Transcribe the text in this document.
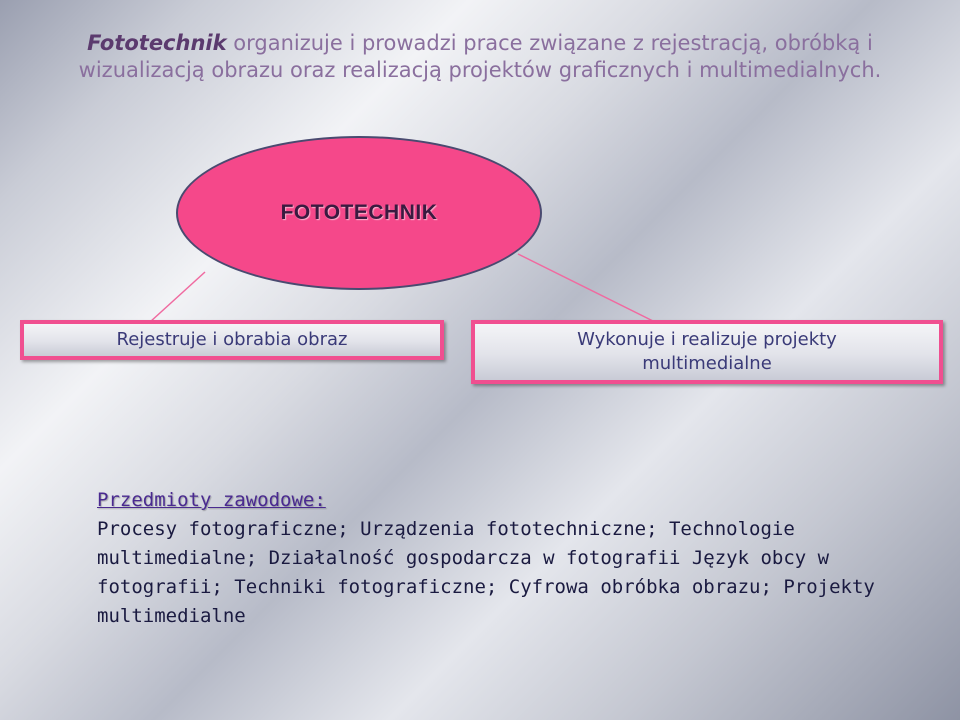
Fototechnik organizuje i prowadzi prace związane z rejestracją, obróbką i wizualizacją obrazu oraz realizacją projektów graficznych i multimedialnych.
FOTOTECHNIK
Rejestruje i obrabia obraz	Wykonuje i realizuje projekty multimedialne
Przedmioty zawodowe:
Procesy fotograficzne; Urządzenia fototechniczne; Technologie multimedialne; Działalność gospodarcza w fotografii Język obcy w fotografii; Techniki fotograficzne; Cyfrowa obróbka obrazu; Projekty multimedialne
